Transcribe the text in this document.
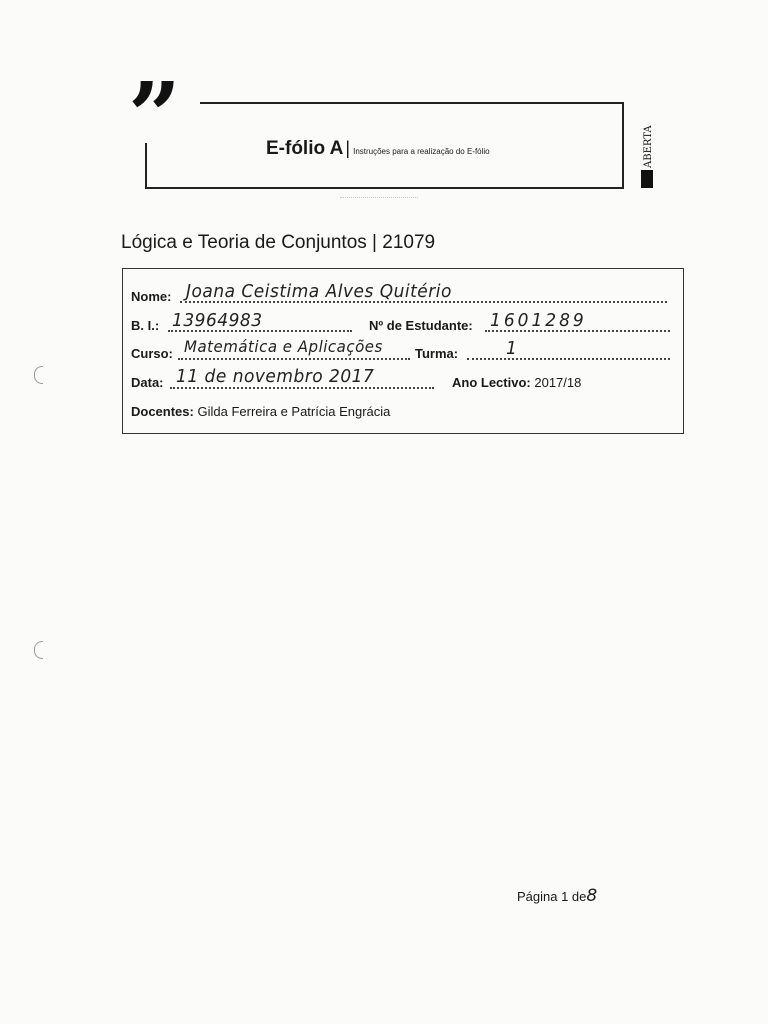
”	E-fólio A | Instruções para a realização do E-fólio	ABERTA
Lógica e Teoria de Conjuntos | 21079
Nome: Joana Ceistima Alves Quitério
B. I.: 13964983	Nº de Estudante: 1601289
Curso: Matemática e Aplicações Turma:	1
Data: 11 de novembro 2017	Ano Lectivo: 2017/18
Docentes: Gilda Ferreira e Patrícia Engrácia
Página 1 de8
